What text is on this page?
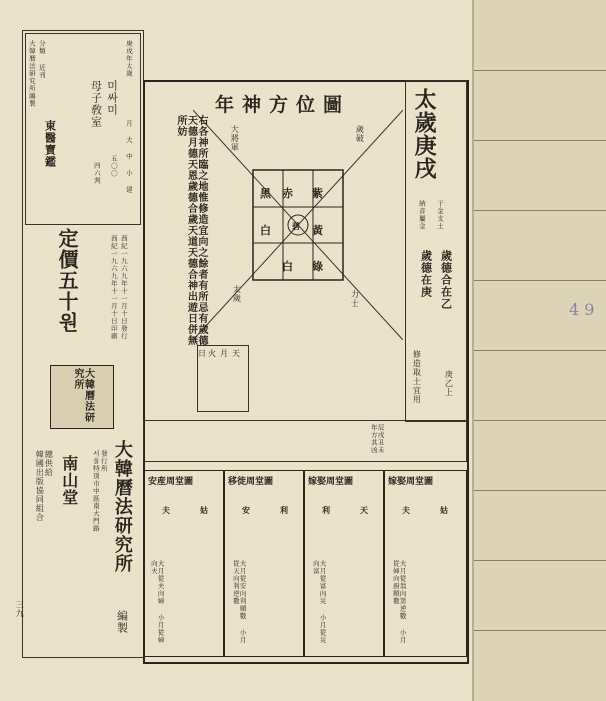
大韓曆法研究所編製
東醫寶鑑
分類 近刊
母子敎室
四六判
미싸미
五〇〇
庚戌年太歲
月 大 中 小 建
西紀一九六九年十一月十日印刷 西紀一九六九年十一月十日發行
定價五十원
大韓曆法研究所
大韓曆法研究所
編製
發行所
서울特別市中區南大門路
南山堂
總供給
韓國出版協同組合
三九
太歲庚戌
納音屬金 干金支土
歲德在庚 歲德合在乙
修造取土宜用	庚乙上
年神方位圖
紫
黃
綠
赤
白
黑
白	碧
大將軍	歲破
太歲	力士
右各神所臨之地惟修造宜向之餘者有所忌有歲德天德月德天恩歲德合歲天道天德合神出遊日併無所妨
天
月
火
日
辰戌丑未年方其凶
安産周堂圖
夫	姑
大月從夫向婦 小月從婦向夫
移徙周堂圖
安	利
大月從安向利順數 小月從天向利逆數
嫁娶周堂圖
利	天
大月從富向災 小月從災向富
嫁娶周堂圖
夫	姑
大月從翁向第逆數 小月從婦向廚順數
4 9
